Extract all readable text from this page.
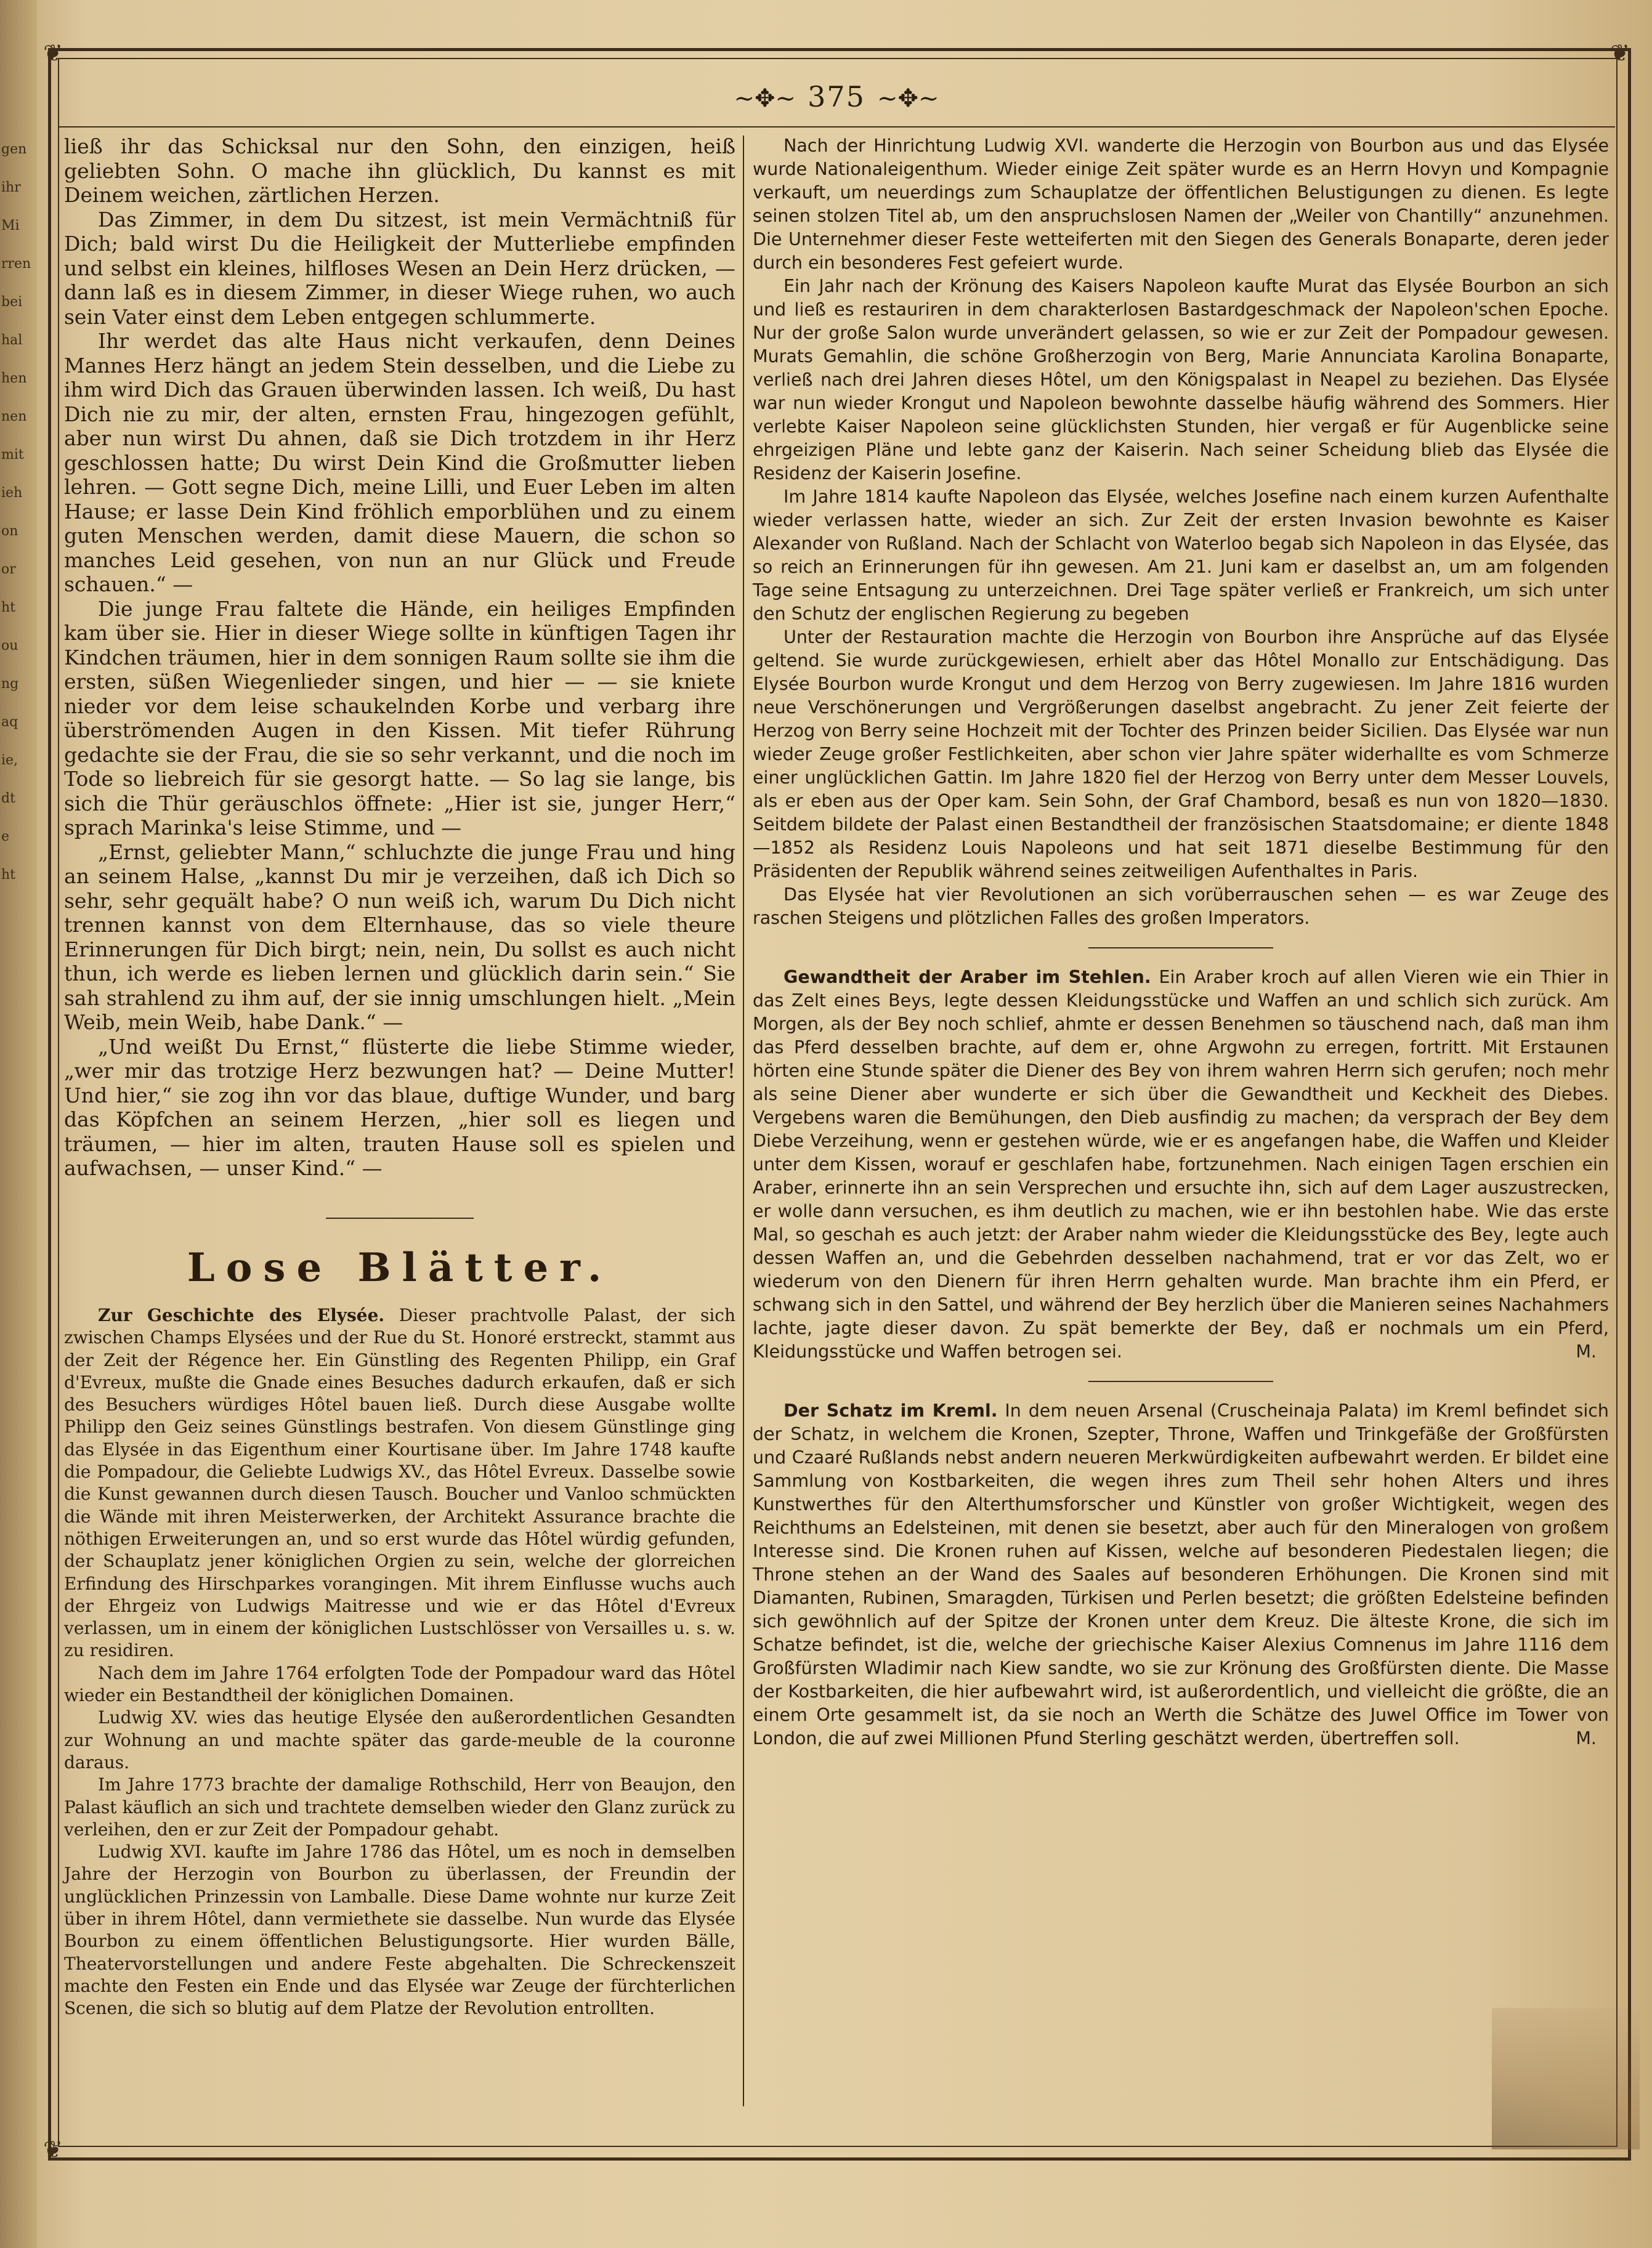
gen
ihr
Mi
rren
bei
hal
hen
nen
mit
ieh
on
or
ht
ou
ng
aq
ie,
dt
e
ht
❦	❦
❦
~✥~ 375 ~✥~

ließ ihr das Schicksal nur den Sohn, den einzigen, heiß geliebten Sohn. O mache ihn glücklich, Du kannst es mit Deinem weichen, zärtlichen Herzen.

Das Zimmer, in dem Du sitzest, ist mein Vermächtniß für Dich; bald wirst Du die Heiligkeit der Mutterliebe empfinden und selbst ein kleines, hilfloses Wesen an Dein Herz drücken, — dann laß es in diesem Zimmer, in dieser Wiege ruhen, wo auch sein Vater einst dem Leben entgegen schlummerte.

Ihr werdet das alte Haus nicht verkaufen, denn Deines Mannes Herz hängt an jedem Stein desselben, und die Liebe zu ihm wird Dich das Grauen überwinden lassen. Ich weiß, Du hast Dich nie zu mir, der alten, ernsten Frau, hingezogen gefühlt, aber nun wirst Du ahnen, daß sie Dich trotzdem in ihr Herz geschlossen hatte; Du wirst Dein Kind die Großmutter lieben lehren. — Gott segne Dich, meine Lilli, und Euer Leben im alten Hause; er lasse Dein Kind fröhlich emporblühen und zu einem guten Menschen werden, damit diese Mauern, die schon so manches Leid gesehen, von nun an nur Glück und Freude schauen.“ —

Die junge Frau faltete die Hände, ein heiliges Empfinden kam über sie. Hier in dieser Wiege sollte in künftigen Tagen ihr Kindchen träumen, hier in dem sonnigen Raum sollte sie ihm die ersten, süßen Wiegenlieder singen, und hier — — sie kniete nieder vor dem leise schaukelnden Korbe und verbarg ihre überströmenden Augen in den Kissen. Mit tiefer Rührung gedachte sie der Frau, die sie so sehr verkannt, und die noch im Tode so liebreich für sie gesorgt hatte. — So lag sie lange, bis sich die Thür geräuschlos öffnete: „Hier ist sie, junger Herr,“ sprach Marinka's leise Stimme, und —

„Ernst, geliebter Mann,“ schluchzte die junge Frau und hing an seinem Halse, „kannst Du mir je verzeihen, daß ich Dich so sehr, sehr gequält habe? O nun weiß ich, warum Du Dich nicht trennen kannst von dem Elternhause, das so viele theure Erinnerungen für Dich birgt; nein, nein, Du sollst es auch nicht thun, ich werde es lieben lernen und glücklich darin sein.“ Sie sah strahlend zu ihm auf, der sie innig umschlungen hielt. „Mein Weib, mein Weib, habe Dank.“ —

„Und weißt Du Ernst,“ flüsterte die liebe Stimme wieder, „wer mir das trotzige Herz bezwungen hat? — Deine Mutter! Und hier,“ sie zog ihn vor das blaue, duftige Wunder, und barg das Köpfchen an seinem Herzen, „hier soll es liegen und träumen, — hier im alten, trauten Hause soll es spielen und aufwachsen, — unser Kind.“ —

Lose Blätter.

Zur Geschichte des Elysée. Dieser prachtvolle Palast, der sich zwischen Champs Elysées und der Rue du St. Honoré erstreckt, stammt aus der Zeit der Régence her. Ein Günstling des Regenten Philipp, ein Graf d'Evreux, mußte die Gnade eines Besuches dadurch erkaufen, daß er sich des Besuchers würdiges Hôtel bauen ließ. Durch diese Ausgabe wollte Philipp den Geiz seines Günstlings bestrafen. Von diesem Günstlinge ging das Elysée in das Eigenthum einer Kourtisane über. Im Jahre 1748 kaufte die Pompadour, die Geliebte Ludwigs XV., das Hôtel Evreux. Dasselbe sowie die Kunst gewannen durch diesen Tausch. Boucher und Vanloo schmückten die Wände mit ihren Meisterwerken, der Architekt Assurance brachte die nöthigen Erweiterungen an, und so erst wurde das Hôtel würdig gefunden, der Schauplatz jener königlichen Orgien zu sein, welche der glorreichen Erfindung des Hirschparkes vorangingen. Mit ihrem Einflusse wuchs auch der Ehrgeiz von Ludwigs Maitresse und wie er das Hôtel d'Evreux verlassen, um in einem der königlichen Lustschlösser von Versailles u. s. w. zu residiren.

Nach dem im Jahre 1764 erfolgten Tode der Pompadour ward das Hôtel wieder ein Bestandtheil der königlichen Domainen.

Ludwig XV. wies das heutige Elysée den außerordentlichen Gesandten zur Wohnung an und machte später das garde-meuble de la couronne daraus.

Im Jahre 1773 brachte der damalige Rothschild, Herr von Beaujon, den Palast käuflich an sich und trachtete demselben wieder den Glanz zurück zu verleihen, den er zur Zeit der Pompadour gehabt.

Ludwig XVI. kaufte im Jahre 1786 das Hôtel, um es noch in demselben Jahre der Herzogin von Bourbon zu überlassen, der Freundin der unglücklichen Prinzessin von Lamballe. Diese Dame wohnte nur kurze Zeit über in ihrem Hôtel, dann vermiethete sie dasselbe. Nun wurde das Elysée Bourbon zu einem öffentlichen Belustigungsorte. Hier wurden Bälle, Theatervorstellungen und andere Feste abgehalten. Die Schreckenszeit machte den Festen ein Ende und das Elysée war Zeuge der fürchterlichen Scenen, die sich so blutig auf dem Platze der Revolution entrollten.

Nach der Hinrichtung Ludwig XVI. wanderte die Herzogin von Bourbon aus und das Elysée wurde Nationaleigenthum. Wieder einige Zeit später wurde es an Herrn Hovyn und Kompagnie verkauft, um neuerdings zum Schauplatze der öffentlichen Belustigungen zu dienen. Es legte seinen stolzen Titel ab, um den anspruchslosen Namen der „Weiler von Chantilly“ anzunehmen. Die Unternehmer dieser Feste wetteiferten mit den Siegen des Generals Bonaparte, deren jeder durch ein besonderes Fest gefeiert wurde.

Ein Jahr nach der Krönung des Kaisers Napoleon kaufte Murat das Elysée Bourbon an sich und ließ es restauriren in dem charakterlosen Bastardgeschmack der Napoleon'schen Epoche. Nur der große Salon wurde unverändert gelassen, so wie er zur Zeit der Pompadour gewesen. Murats Gemahlin, die schöne Großherzogin von Berg, Marie Annunciata Karolina Bonaparte, verließ nach drei Jahren dieses Hôtel, um den Königspalast in Neapel zu beziehen. Das Elysée war nun wieder Krongut und Napoleon bewohnte dasselbe häufig während des Sommers. Hier verlebte Kaiser Napoleon seine glücklichsten Stunden, hier vergaß er für Augenblicke seine ehrgeizigen Pläne und lebte ganz der Kaiserin. Nach seiner Scheidung blieb das Elysée die Residenz der Kaiserin Josefine.

Im Jahre 1814 kaufte Napoleon das Elysée, welches Josefine nach einem kurzen Aufenthalte wieder verlassen hatte, wieder an sich. Zur Zeit der ersten Invasion bewohnte es Kaiser Alexander von Rußland. Nach der Schlacht von Waterloo begab sich Napoleon in das Elysée, das so reich an Erinnerungen für ihn gewesen. Am 21. Juni kam er daselbst an, um am folgenden Tage seine Entsagung zu unterzeichnen. Drei Tage später verließ er Frankreich, um sich unter den Schutz der englischen Regierung zu begeben

Unter der Restauration machte die Herzogin von Bourbon ihre Ansprüche auf das Elysée geltend. Sie wurde zurückgewiesen, erhielt aber das Hôtel Monallo zur Entschädigung. Das Elysée Bourbon wurde Krongut und dem Herzog von Berry zugewiesen. Im Jahre 1816 wurden neue Verschönerungen und Vergrößerungen daselbst angebracht. Zu jener Zeit feierte der Herzog von Berry seine Hochzeit mit der Tochter des Prinzen beider Sicilien. Das Elysée war nun wieder Zeuge großer Festlichkeiten, aber schon vier Jahre später widerhallte es vom Schmerze einer unglücklichen Gattin. Im Jahre 1820 fiel der Herzog von Berry unter dem Messer Louvels, als er eben aus der Oper kam. Sein Sohn, der Graf Chambord, besaß es nun von 1820—1830. Seitdem bildete der Palast einen Bestandtheil der französischen Staatsdomaine; er diente 1848—1852 als Residenz Louis Napoleons und hat seit 1871 dieselbe Bestimmung für den Präsidenten der Republik während seines zeitweiligen Aufenthaltes in Paris.

Das Elysée hat vier Revolutionen an sich vorüberrauschen sehen — es war Zeuge des raschen Steigens und plötzlichen Falles des großen Imperators.

Gewandtheit der Araber im Stehlen. Ein Araber kroch auf allen Vieren wie ein Thier in das Zelt eines Beys, legte dessen Kleidungsstücke und Waffen an und schlich sich zurück. Am Morgen, als der Bey noch schlief, ahmte er dessen Benehmen so täuschend nach, daß man ihm das Pferd desselben brachte, auf dem er, ohne Argwohn zu erregen, fortritt. Mit Erstaunen hörten eine Stunde später die Diener des Bey von ihrem wahren Herrn sich gerufen; noch mehr als seine Diener aber wunderte er sich über die Gewandtheit und Keckheit des Diebes. Vergebens waren die Bemühungen, den Dieb ausfindig zu machen; da versprach der Bey dem Diebe Verzeihung, wenn er gestehen würde, wie er es angefangen habe, die Waffen und Kleider unter dem Kissen, worauf er geschlafen habe, fortzunehmen. Nach einigen Tagen erschien ein Araber, erinnerte ihn an sein Versprechen und ersuchte ihn, sich auf dem Lager auszustrecken, er wolle dann versuchen, es ihm deutlich zu machen, wie er ihn bestohlen habe. Wie das erste Mal, so geschah es auch jetzt: der Araber nahm wieder die Kleidungsstücke des Bey, legte auch dessen Waffen an, und die Gebehrden desselben nachahmend, trat er vor das Zelt, wo er wiederum von den Dienern für ihren Herrn gehalten wurde. Man brachte ihm ein Pferd, er schwang sich in den Sattel, und während der Bey herzlich über die Manieren seines Nachahmers lachte, jagte dieser davon. Zu spät bemerkte der Bey, daß er nochmals um ein Pferd, Kleidungsstücke und Waffen betrogen sei.	M.

Der Schatz im Kreml. In dem neuen Arsenal (Cruscheinaja Palata) im Kreml befindet sich der Schatz, in welchem die Kronen, Szepter, Throne, Waffen und Trinkgefäße der Großfürsten und Czaaré Rußlands nebst andern neueren Merkwürdigkeiten aufbewahrt werden. Er bildet eine Sammlung von Kostbarkeiten, die wegen ihres zum Theil sehr hohen Alters und ihres Kunstwerthes für den Alterthumsforscher und Künstler von großer Wichtigkeit, wegen des Reichthums an Edelsteinen, mit denen sie besetzt, aber auch für den Mineralogen von großem Interesse sind. Die Kronen ruhen auf Kissen, welche auf besonderen Piedestalen liegen; die Throne stehen an der Wand des Saales auf besonderen Erhöhungen. Die Kronen sind mit Diamanten, Rubinen, Smaragden, Türkisen und Perlen besetzt; die größten Edelsteine befinden sich gewöhnlich auf der Spitze der Kronen unter dem Kreuz. Die älteste Krone, die sich im Schatze befindet, ist die, welche der griechische Kaiser Alexius Comnenus im Jahre 1116 dem Großfürsten Wladimir nach Kiew sandte, wo sie zur Krönung des Großfürsten diente. Die Masse der Kostbarkeiten, die hier aufbewahrt wird, ist außerordentlich, und vielleicht die größte, die an einem Orte gesammelt ist, da sie noch an Werth die Schätze des Juwel Office im Tower von London, die auf zwei Millionen Pfund Sterling geschätzt werden, übertreffen soll.	M.
